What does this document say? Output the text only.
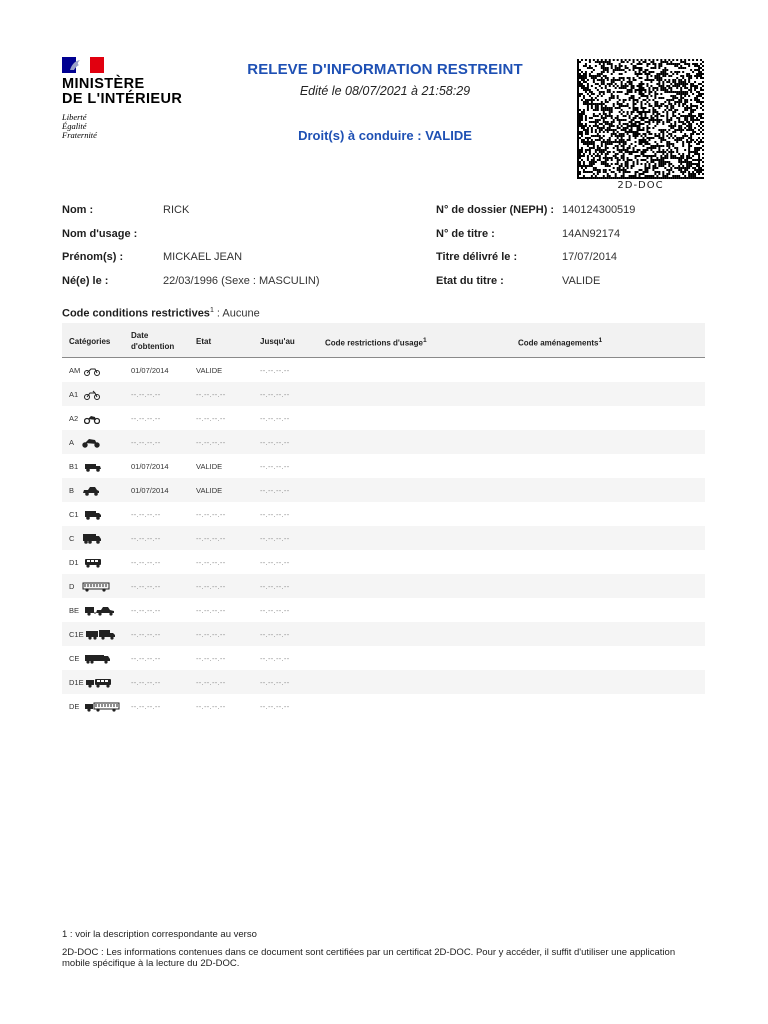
MINISTÈRE
DE L'INTÉRIEUR
Liberté
Égalité
Fraternité
RELEVE D'INFORMATION RESTREINT
Edité le 08/07/2021 à 21:58:29
Droit(s) à conduire : VALIDE
2D-DOC
Nom :	RICK
Nom d'usage :
Prénom(s) :	MICKAEL JEAN
Né(e) le :	22/03/1996 (Sexe : MASCULIN)
N° de dossier (NEPH) : 140124300519
N° de titre :	14AN92174
Titre délivré le :	17/07/2014
Etat du titre :	VALIDE
Code conditions restrictives$^1$ : Aucune
Catégories
Date
d'obtention
Etat	Jusqu'au	Code restrictions d'usage$^1$	Code aménagements$^1$
AM	01/07/2014	VALIDE	--.--.--.--
A1	--.--.--.--	--.--.--.--	--.--.--.--
A2	--.--.--.--	--.--.--.--	--.--.--.--
A	--.--.--.--	--.--.--.--	--.--.--.--
B1	01/07/2014	VALIDE	--.--.--.--
B	01/07/2014	VALIDE	--.--.--.--
C1	--.--.--.--	--.--.--.--	--.--.--.--
C	--.--.--.--	--.--.--.--	--.--.--.--
D1	--.--.--.--	--.--.--.--	--.--.--.--
D	--.--.--.--	--.--.--.--	--.--.--.--
BE	--.--.--.--	--.--.--.--	--.--.--.--
C1E	--.--.--.--	--.--.--.--	--.--.--.--
CE	--.--.--.--	--.--.--.--	--.--.--.--
D1E	--.--.--.--	--.--.--.--	--.--.--.--
DE	--.--.--.--	--.--.--.--	--.--.--.--

1 : voir la description correspondante au verso

2D-DOC : Les informations contenues dans ce document sont certifiées par un certificat 2D-DOC. Pour y accéder, il suffit d'utiliser une application mobile spécifique à la lecture du 2D-DOC.
